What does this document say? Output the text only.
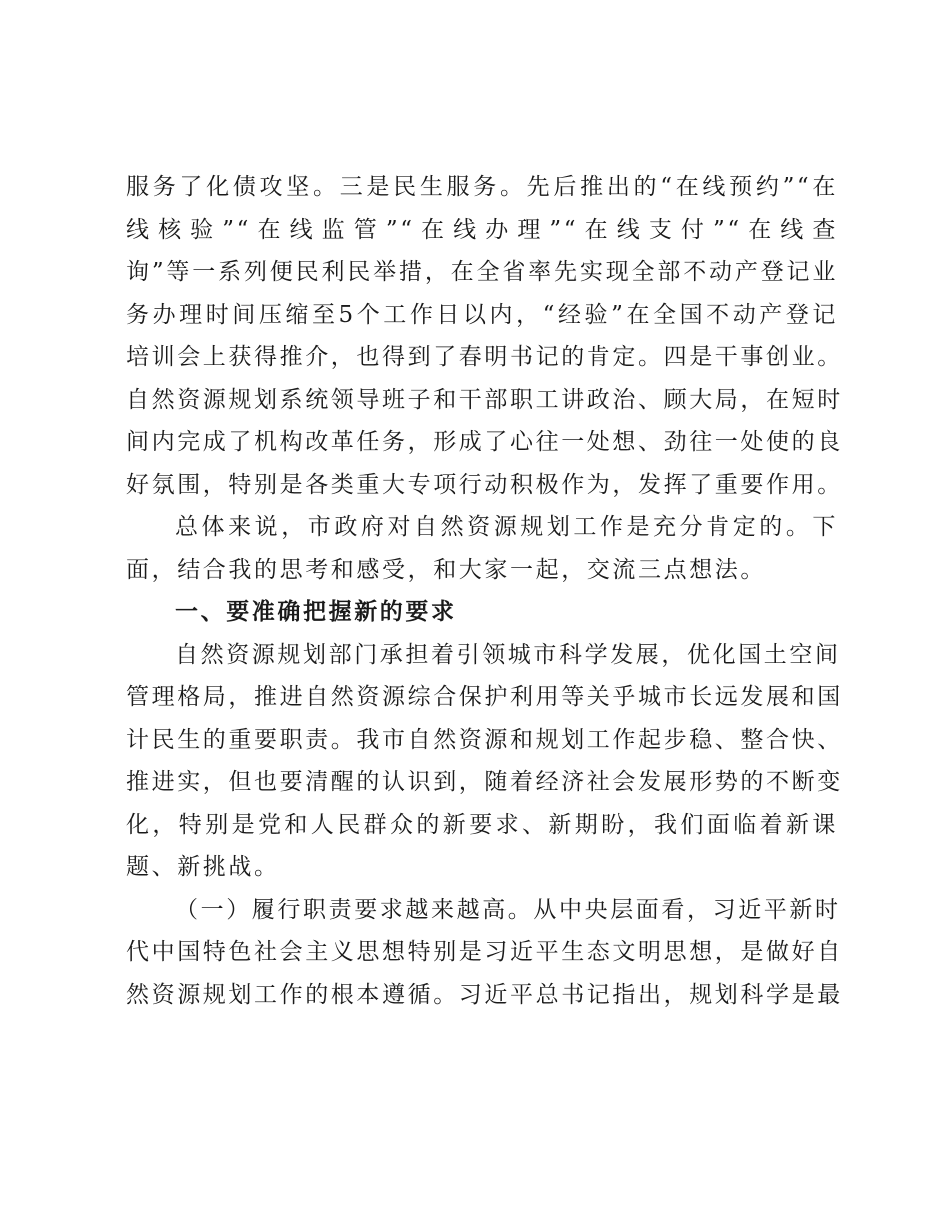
服务了化债攻坚。三是民生服务。先后推出的“在线预约”“在
线核验”“在线监管”“在线办理”“在线支付”“在线查
询”等一系列便民利民举措，在全省率先实现全部不动产登记业
务办理时间压缩至5个工作日以内，“经验”在全国不动产登记
培训会上获得推介，也得到了春明书记的肯定。四是干事创业。
自然资源规划系统领导班子和干部职工讲政治、顾大局，在短时
间内完成了机构改革任务，形成了心往一处想、劲往一处使的良
好氛围，特别是各类重大专项行动积极作为，发挥了重要作用。
总体来说，市政府对自然资源规划工作是充分肯定的。下
面，结合我的思考和感受，和大家一起，交流三点想法。
一、要准确把握新的要求
自然资源规划部门承担着引领城市科学发展，优化国土空间
管理格局，推进自然资源综合保护利用等关乎城市长远发展和国
计民生的重要职责。我市自然资源和规划工作起步稳、整合快、
推进实，但也要清醒的认识到，随着经济社会发展形势的不断变
化，特别是党和人民群众的新要求、新期盼，我们面临着新课
题、新挑战。
（一）履行职责要求越来越高。从中央层面看，习近平新时
代中国特色社会主义思想特别是习近平生态文明思想，是做好自
然资源规划工作的根本遵循。习近平总书记指出，规划科学是最
